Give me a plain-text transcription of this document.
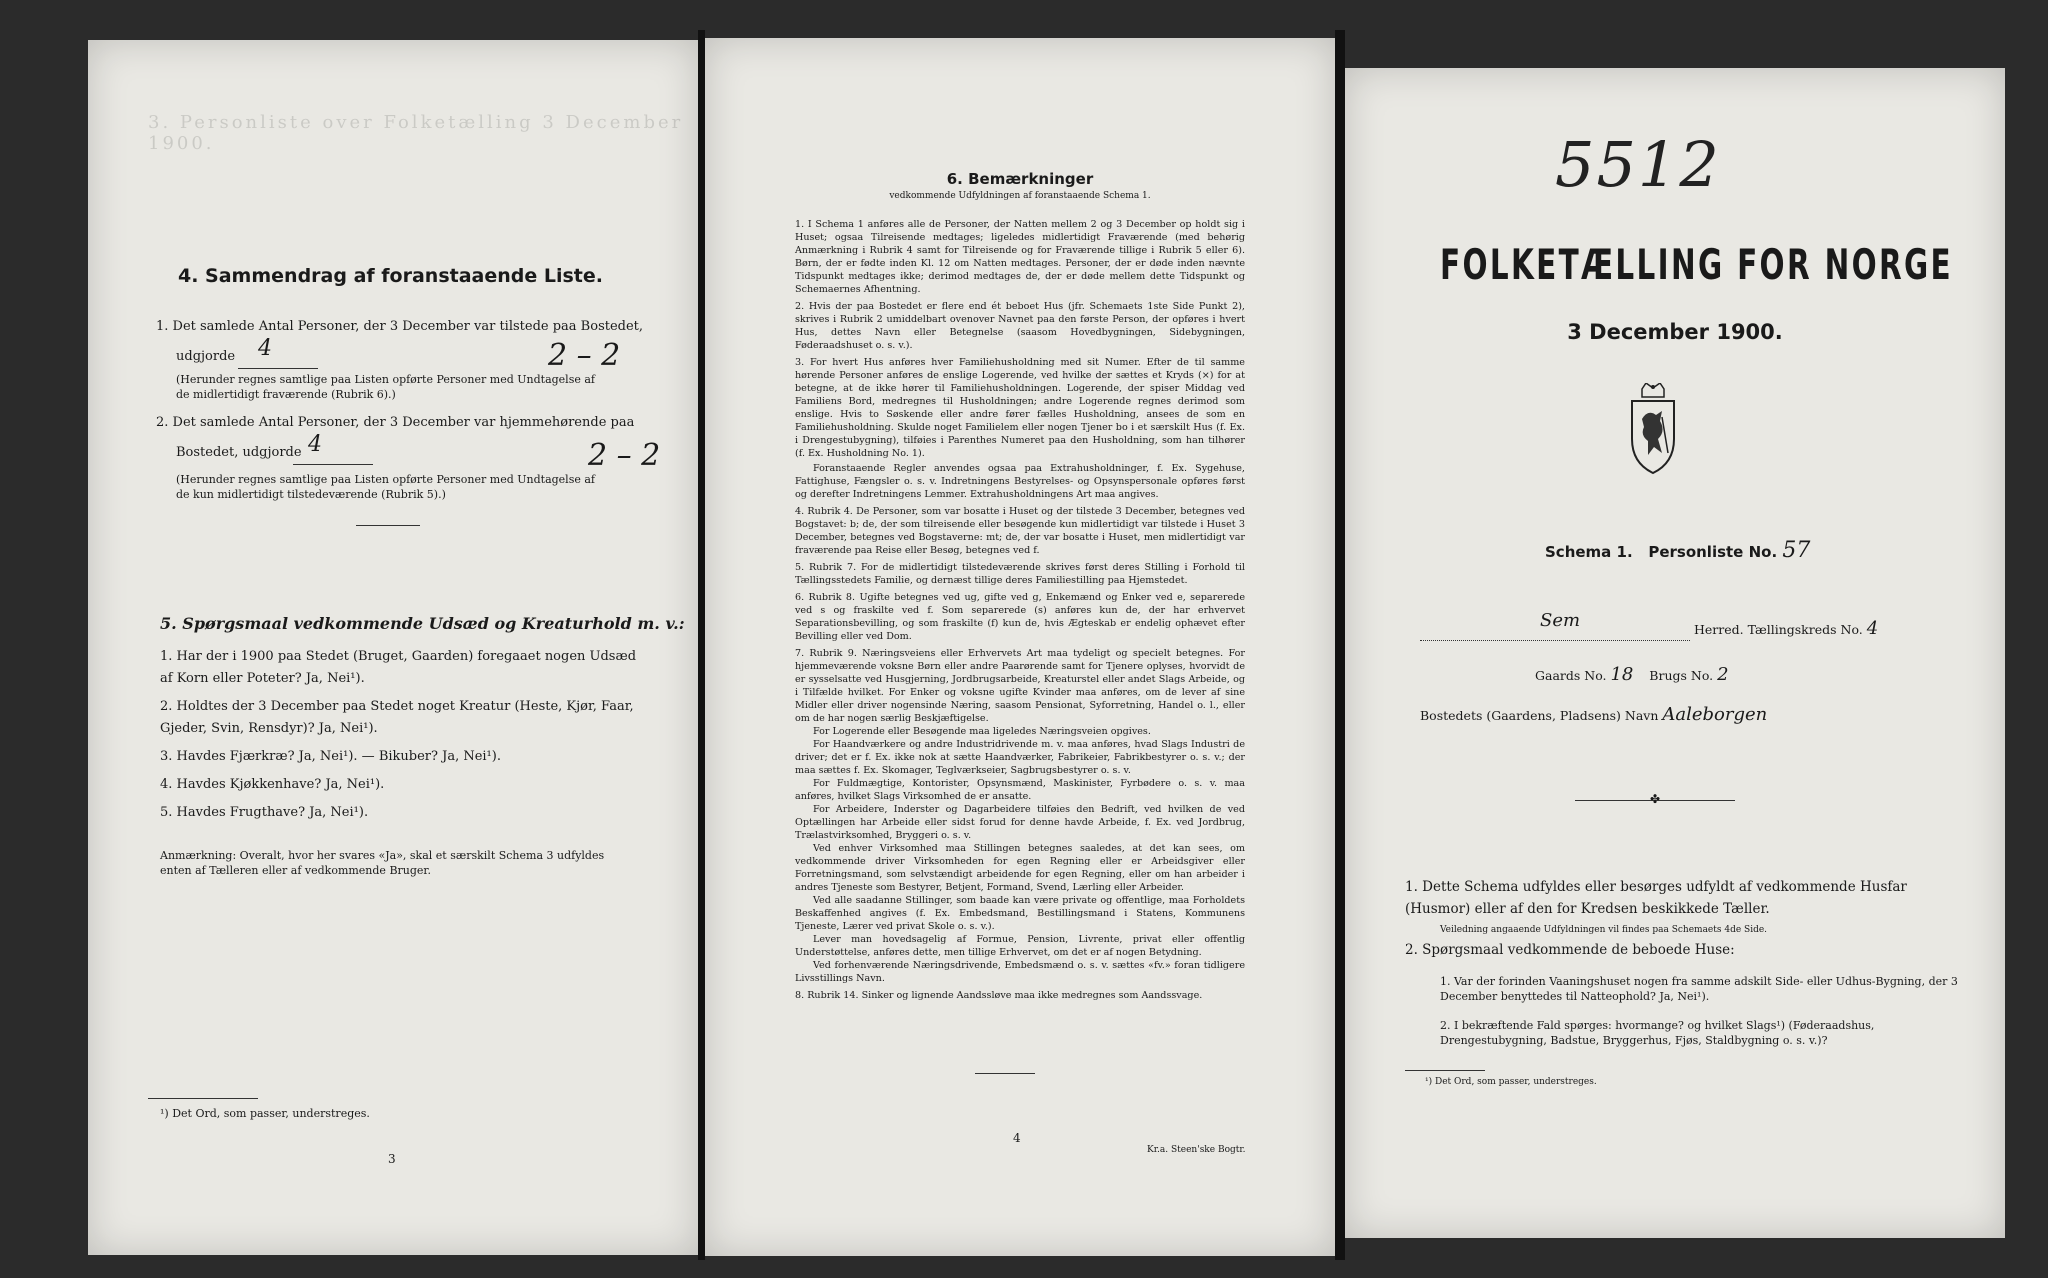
3. Personliste over Folketælling 3 December 1900.
4. Sammendrag af foranstaaende Liste.
1. Det samlede Antal Personer, der 3 December var tilstede paa Bostedet,
udgjorde 4	2 – 2
(Herunder regnes samtlige paa Listen opførte Personer med Undtagelse af de midlertidigt fraværende (Rubrik 6).)
2. Det samlede Antal Personer, der 3 December var hjemmehørende paa
Bostedet, udgjorde 4	2 – 2
(Herunder regnes samtlige paa Listen opførte Personer med Undtagelse af de kun midlertidigt tilstedeværende (Rubrik 5).)
5. Spørgsmaal vedkommende Udsæd og Kreaturhold m. v.:
1. Har der i 1900 paa Stedet (Bruget, Gaarden) foregaaet nogen Udsæd af Korn eller Poteter? Ja, Nei¹).
2. Holdtes der 3 December paa Stedet noget Kreatur (Heste, Kjør, Faar, Gjeder, Svin, Rensdyr)? Ja, Nei¹).
3. Havdes Fjærkræ? Ja, Nei¹). — Bikuber? Ja, Nei¹).
4. Havdes Kjøkkenhave? Ja, Nei¹).
5. Havdes Frugthave? Ja, Nei¹).
Anmærkning: Overalt, hvor her svares «Ja», skal et særskilt Schema 3 udfyldes enten af Tælleren eller af vedkommende Bruger.
¹) Det Ord, som passer, understreges.
3
6. Bemærkninger
vedkommende Udfyldningen af foranstaaende Schema 1.
1. I Schema 1 anføres alle de Personer, der Natten mellem 2 og 3 December op holdt sig i Huset; ogsaa Tilreisende medtages; ligeledes midlertidigt Fraværende (med behørig Anmærkning i Rubrik 4 samt for Tilreisende og for Fraværende tillige i Rubrik 5 eller 6). Børn, der er fødte inden Kl. 12 om Natten medtages. Personer, der er døde inden nævnte Tidspunkt medtages ikke; derimod medtages de, der er døde mellem dette Tidspunkt og Schemaernes Afhentning.
2. Hvis der paa Bostedet er flere end ét beboet Hus (jfr. Schemaets 1ste Side Punkt 2), skrives i Rubrik 2 umiddelbart ovenover Navnet paa den første Person, der opføres i hvert Hus, dettes Navn eller Betegnelse (saasom Hovedbygningen, Sidebygningen, Føderaadshuset o. s. v.).
3. For hvert Hus anføres hver Familiehusholdning med sit Numer. Efter de til samme hørende Personer anføres de enslige Logerende, ved hvilke der sættes et Kryds (×) for at betegne, at de ikke hører til Familiehusholdningen. Logerende, der spiser Middag ved Familiens Bord, medregnes til Husholdningen; andre Logerende regnes derimod som enslige. Hvis to Søskende eller andre fører fælles Husholdning, ansees de som en Familiehusholdning. Skulde noget Familielem eller nogen Tjener bo i et særskilt Hus (f. Ex. i Drengestubygning), tilføies i Parenthes Numeret paa den Husholdning, som han tilhører (f. Ex. Husholdning No. 1).
Foranstaaende Regler anvendes ogsaa paa Extrahusholdninger, f. Ex. Sygehuse, Fattighuse, Fængsler o. s. v. Indretningens Bestyrelses- og Opsynspersonale opføres først og derefter Indretningens Lemmer. Extrahusholdningens Art maa angives.
4. Rubrik 4. De Personer, som var bosatte i Huset og der tilstede 3 December, betegnes ved Bogstavet: b; de, der som tilreisende eller besøgende kun midlertidigt var tilstede i Huset 3 December, betegnes ved Bogstaverne: mt; de, der var bosatte i Huset, men midlertidigt var fraværende paa Reise eller Besøg, betegnes ved f.
5. Rubrik 7. For de midlertidigt tilstedeværende skrives først deres Stilling i Forhold til Tællingsstedets Familie, og dernæst tillige deres Familiestilling paa Hjemstedet.
6. Rubrik 8. Ugifte betegnes ved ug, gifte ved g, Enkemænd og Enker ved e, separerede ved s og fraskilte ved f. Som separerede (s) anføres kun de, der har erhvervet Separationsbevilling, og som fraskilte (f) kun de, hvis Ægteskab er endelig ophævet efter Bevilling eller ved Dom.
7. Rubrik 9. Næringsveiens eller Erhvervets Art maa tydeligt og specielt betegnes. For hjemmeværende voksne Børn eller andre Paarørende samt for Tjenere oplyses, hvorvidt de er sysselsatte ved Husgjerning, Jordbrugsarbeide, Kreaturstel eller andet Slags Arbeide, og i Tilfælde hvilket. For Enker og voksne ugifte Kvinder maa anføres, om de lever af sine Midler eller driver nogensinde Næring, saasom Pensionat, Syforretning, Handel o. l., eller om de har nogen særlig Beskjæftigelse.
For Logerende eller Besøgende maa ligeledes Næringsveien opgives.
For Haandværkere og andre Industridrivende m. v. maa anføres, hvad Slags Industri de driver; det er f. Ex. ikke nok at sætte Haandværker, Fabrikeier, Fabrikbestyrer o. s. v.; der maa sættes f. Ex. Skomager, Teglværkseier, Sagbrugsbestyrer o. s. v.
For Fuldmægtige, Kontorister, Opsynsmænd, Maskinister, Fyrbødere o. s. v. maa anføres, hvilket Slags Virksomhed de er ansatte.
For Arbeidere, Inderster og Dagarbeidere tilføies den Bedrift, ved hvilken de ved Optællingen har Arbeide eller sidst forud for denne havde Arbeide, f. Ex. ved Jordbrug, Trælastvirksomhed, Bryggeri o. s. v.
Ved enhver Virksomhed maa Stillingen betegnes saaledes, at det kan sees, om vedkommende driver Virksomheden for egen Regning eller er Arbeidsgiver eller Forretningsmand, som selvstændigt arbeidende for egen Regning, eller om han arbeider i andres Tjeneste som Bestyrer, Betjent, Formand, Svend, Lærling eller Arbeider.
Ved alle saadanne Stillinger, som baade kan være private og offentlige, maa Forholdets Beskaffenhed angives (f. Ex. Embedsmand, Bestillingsmand i Statens, Kommunens Tjeneste, Lærer ved privat Skole o. s. v.).
Lever man hovedsagelig af Formue, Pension, Livrente, privat eller offentlig Understøttelse, anføres dette, men tillige Erhvervet, om det er af nogen Betydning.
Ved forhenværende Næringsdrivende, Embedsmænd o. s. v. sættes «fv.» foran tidligere Livsstillings Navn.
8. Rubrik 14. Sinker og lignende Aandssløve maa ikke medregnes som Aandssvage.
4
Kr.a. Steen'ske Bogtr.
5512
FOLKETÆLLING FOR NORGE
3 December 1900.
Schema 1. Personliste No. 57
Sem	Herred. Tællingskreds No. 4
Gaards No. 18 Brugs No. 2
Bostedets (Gaardens, Pladsens) Navn Aaleborgen
✤
1. Dette Schema udfyldes eller besørges udfyldt af vedkommende Husfar (Husmor) eller af den for Kredsen beskikkede Tæller.
Veiledning angaaende Udfyldningen vil findes paa Schemaets 4de Side.
2. Spørgsmaal vedkommende de beboede Huse:
1. Var der forinden Vaaningshuset nogen fra samme adskilt Side- eller Udhus-Bygning, der 3 December benyttedes til Natteophold? Ja, Nei¹).
2. I bekræftende Fald spørges: hvormange? og hvilket Slags¹) (Føderaadshus, Drengestubygning, Badstue, Bryggerhus, Fjøs, Staldbygning o. s. v.)?
¹) Det Ord, som passer, understreges.
